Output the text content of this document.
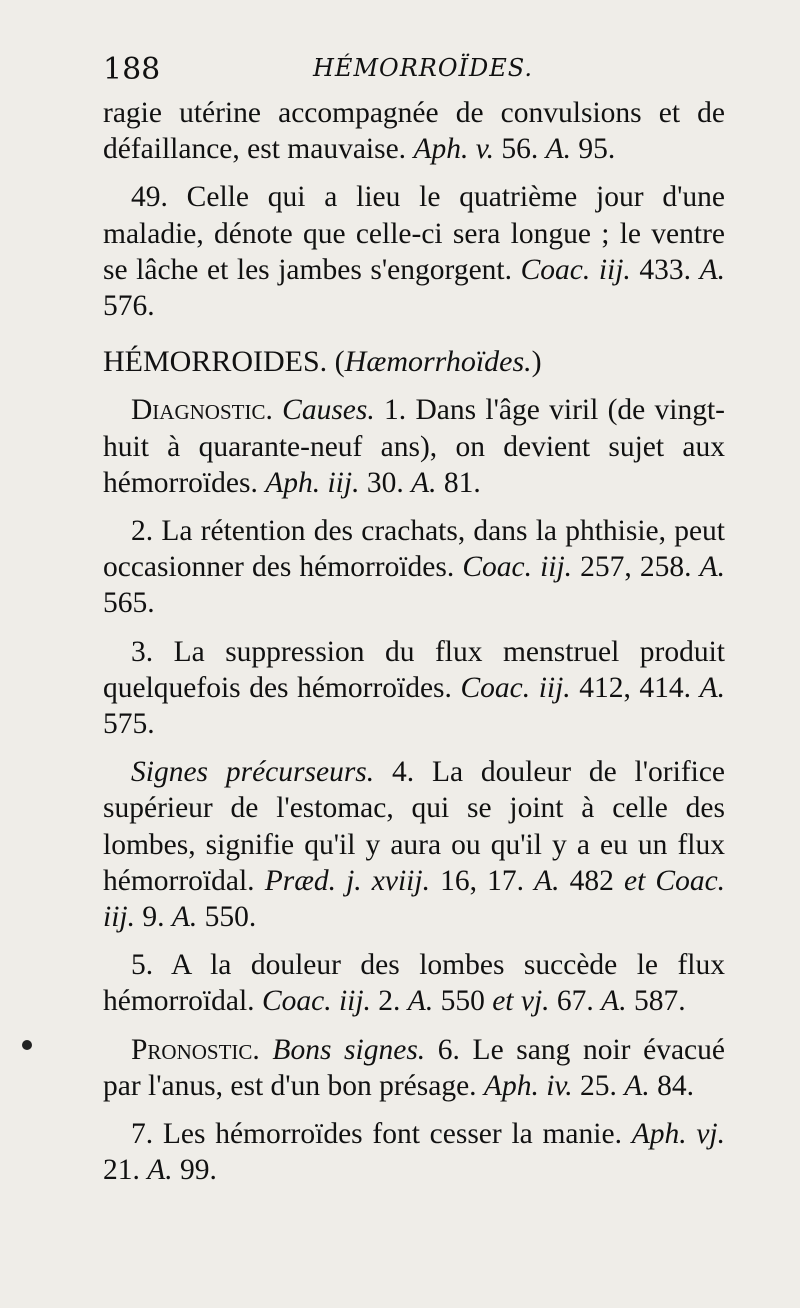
188	HÉMORROÏDES.

ragie utérine accompagnée de convulsions et de défaillance, est mauvaise. Aph. v. 56. A. 95.

49. Celle qui a lieu le quatrième jour d'une maladie, dénote que celle-ci sera longue ; le ventre se lâche et les jambes s'engorgent. Coac. iij. 433. A. 576.

HÉMORROIDES. (Hæmorrhoïdes.)

Diagnostic. Causes. 1. Dans l'âge viril (de vingt-huit à quarante-neuf ans), on devient sujet aux hémorroïdes. Aph. iij. 30. A. 81.

2. La rétention des crachats, dans la phthisie, peut occasionner des hémorroïdes. Coac. iij. 257, 258. A. 565.

3. La suppression du flux menstruel produit quelquefois des hémorroïdes. Coac. iij. 412, 414. A. 575.

Signes précurseurs. 4. La douleur de l'orifice supérieur de l'estomac, qui se joint à celle des lombes, signifie qu'il y aura ou qu'il y a eu un flux hémorroïdal. Præd. j. xviij. 16, 17. A. 482 et Coac. iij. 9. A. 550.

5. A la douleur des lombes succède le flux hémorroïdal. Coac. iij. 2. A. 550 et vj. 67. A. 587.

Pronostic. Bons signes. 6. Le sang noir évacué par l'anus, est d'un bon présage. Aph. iv. 25. A. 84.

7. Les hémorroïdes font cesser la manie. Aph. vj. 21. A. 99.
